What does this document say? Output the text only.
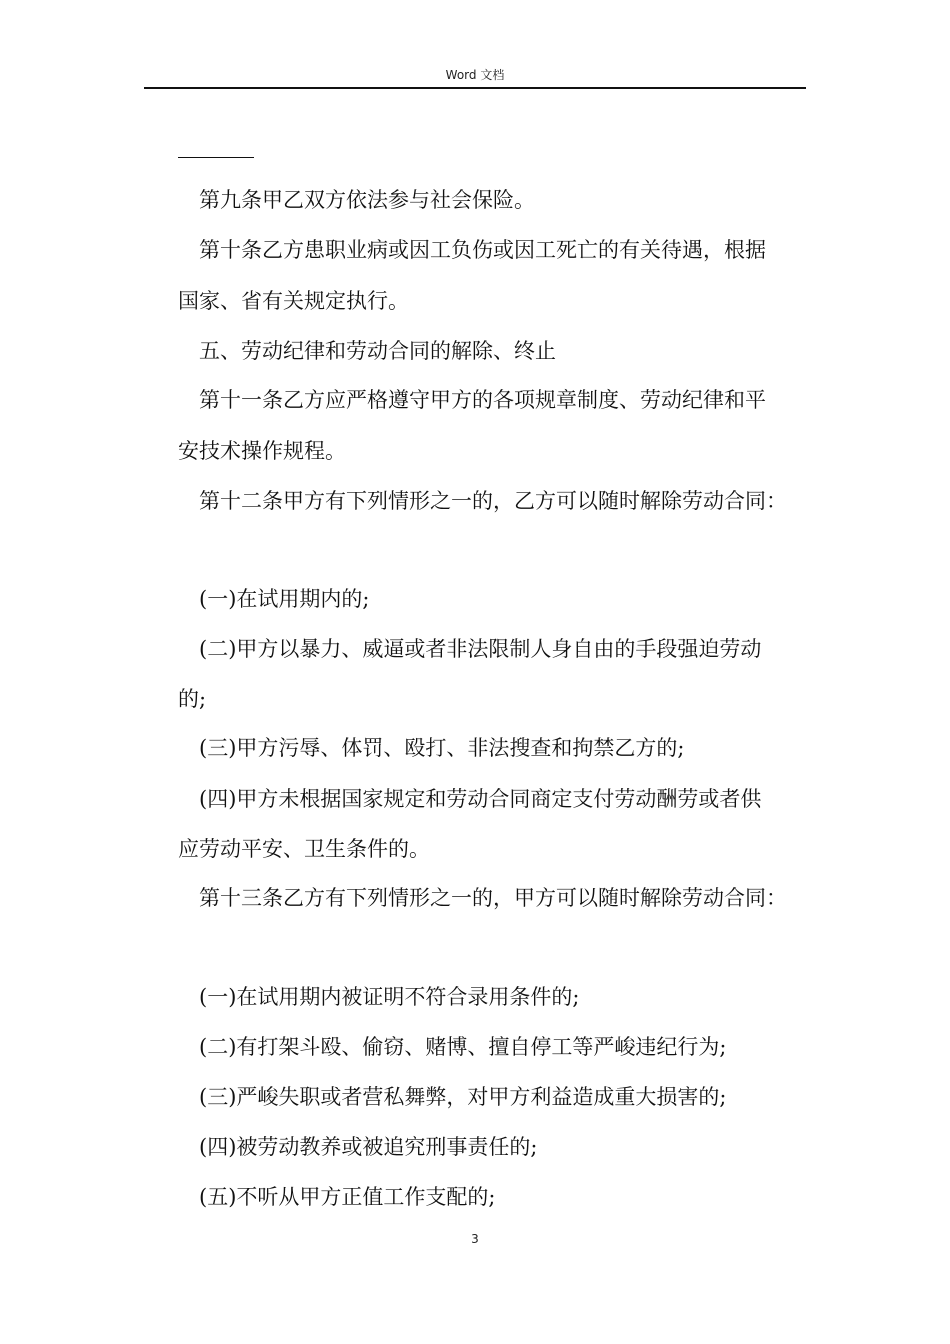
Word 文档
第九条甲乙双方依法参与社会保险。
第十条乙方患职业病或因工负伤或因工死亡的有关待遇，根据
国家、省有关规定执行。
五、劳动纪律和劳动合同的解除、终止
第十一条乙方应严格遵守甲方的各项规章制度、劳动纪律和平
安技术操作规程。
第十二条甲方有下列情形之一的，乙方可以随时解除劳动合同：
(一)在试用期内的;
(二)甲方以暴力、威逼或者非法限制人身自由的手段强迫劳动
的;
(三)甲方污辱、体罚、殴打、非法搜查和拘禁乙方的;
(四)甲方未根据国家规定和劳动合同商定支付劳动酬劳或者供
应劳动平安、卫生条件的。
第十三条乙方有下列情形之一的，甲方可以随时解除劳动合同：
(一)在试用期内被证明不符合录用条件的;
(二)有打架斗殴、偷窃、赌博、擅自停工等严峻违纪行为;
(三)严峻失职或者营私舞弊，对甲方利益造成重大损害的;
(四)被劳动教养或被追究刑事责任的;
(五)不听从甲方正值工作支配的;
3
